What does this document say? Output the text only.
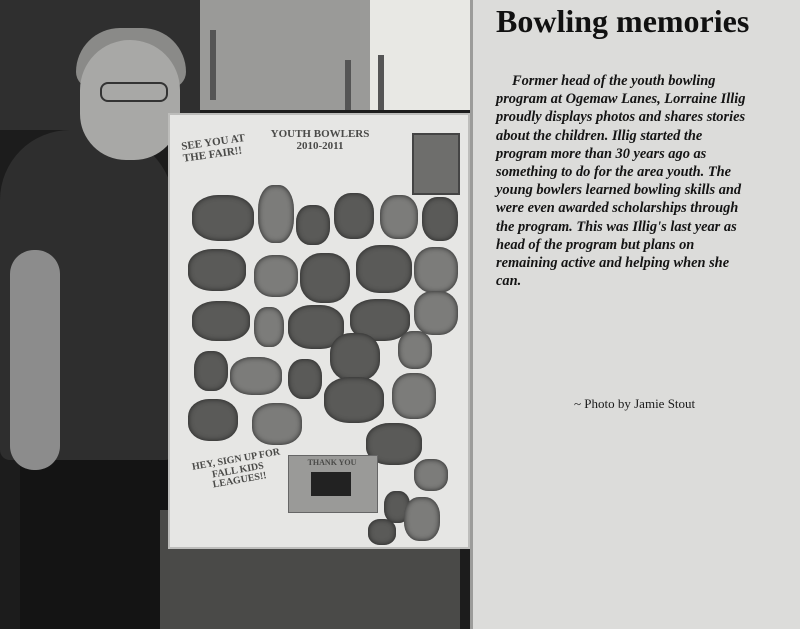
SEE YOU AT THE FAIR!!
YOUTH BOWLERS 2010-2011
THANK YOU
HEY, SIGN UP FOR FALL KIDS LEAGUES!!
Bowling memories

Former head of the youth bowling program at Ogemaw Lanes, Lorraine Illig proudly displays photos and shares stories about the children. Illig started the program more than 30 years ago as something to do for the area youth. The young bowlers learned bowling skills and were even awarded scholarships through the program. This was Illig's last year as head of the program but plans on remaining active and helping when she can.

~ Photo by Jamie Stout
